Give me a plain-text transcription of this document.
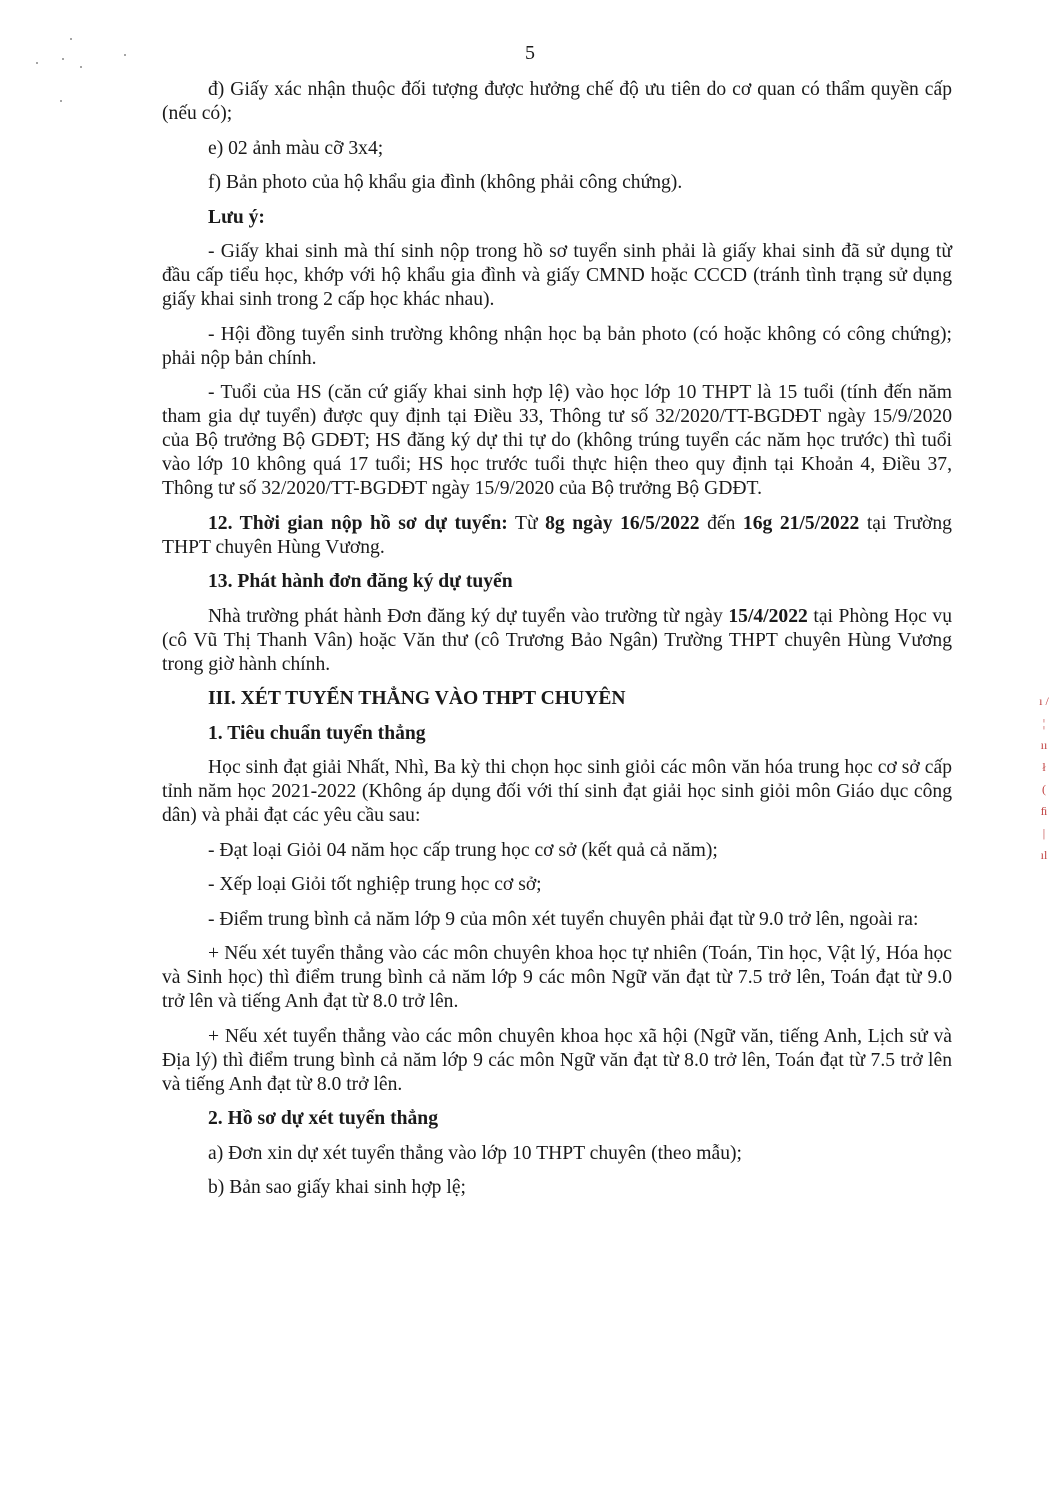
ı /
¦
ıı
ł
(
ﬁ
|
ıl
5

đ) Giấy xác nhận thuộc đối tượng được hưởng chế độ ưu tiên do cơ quan có thẩm quyền cấp (nếu có);

e) 02 ảnh màu cỡ 3x4;

f) Bản photo của hộ khẩu gia đình (không phải công chứng).

Lưu ý:

- Giấy khai sinh mà thí sinh nộp trong hồ sơ tuyển sinh phải là giấy khai sinh đã sử dụng từ đầu cấp tiểu học, khớp với hộ khẩu gia đình và giấy CMND hoặc CCCD (tránh tình trạng sử dụng giấy khai sinh trong 2 cấp học khác nhau).

- Hội đồng tuyển sinh trường không nhận học bạ bản photo (có hoặc không có công chứng); phải nộp bản chính.

- Tuổi của HS (căn cứ giấy khai sinh hợp lệ) vào học lớp 10 THPT là 15 tuổi (tính đến năm tham gia dự tuyển) được quy định tại Điều 33, Thông tư số 32/2020/TT-BGDĐT ngày 15/9/2020 của Bộ trưởng Bộ GDĐT; HS đăng ký dự thi tự do (không trúng tuyển các năm học trước) thì tuổi vào lớp 10 không quá 17 tuổi; HS học trước tuổi thực hiện theo quy định tại Khoản 4, Điều 37, Thông tư số 32/2020/TT-BGDĐT ngày 15/9/2020 của Bộ trưởng Bộ GDĐT.

12. Thời gian nộp hồ sơ dự tuyển: Từ 8g ngày 16/5/2022 đến 16g 21/5/2022 tại Trường THPT chuyên Hùng Vương.

13. Phát hành đơn đăng ký dự tuyển

Nhà trường phát hành Đơn đăng ký dự tuyển vào trường từ ngày 15/4/2022 tại Phòng Học vụ (cô Vũ Thị Thanh Vân) hoặc Văn thư (cô Trương Bảo Ngân) Trường THPT chuyên Hùng Vương trong giờ hành chính.

III. XÉT TUYỂN THẲNG VÀO THPT CHUYÊN

1. Tiêu chuẩn tuyển thẳng

Học sinh đạt giải Nhất, Nhì, Ba kỳ thi chọn học sinh giỏi các môn văn hóa trung học cơ sở cấp tỉnh năm học 2021-2022 (Không áp dụng đối với thí sinh đạt giải học sinh giỏi môn Giáo dục công dân) và phải đạt các yêu cầu sau:

- Đạt loại Giỏi 04 năm học cấp trung học cơ sở (kết quả cả năm);

- Xếp loại Giỏi tốt nghiệp trung học cơ sở;

- Điểm trung bình cả năm lớp 9 của môn xét tuyển chuyên phải đạt từ 9.0 trở lên, ngoài ra:

+ Nếu xét tuyển thẳng vào các môn chuyên khoa học tự nhiên (Toán, Tin học, Vật lý, Hóa học và Sinh học) thì điểm trung bình cả năm lớp 9 các môn Ngữ văn đạt từ 7.5 trở lên, Toán đạt từ 9.0 trở lên và tiếng Anh đạt từ 8.0 trở lên.

+ Nếu xét tuyển thẳng vào các môn chuyên khoa học xã hội (Ngữ văn, tiếng Anh, Lịch sử và Địa lý) thì điểm trung bình cả năm lớp 9 các môn Ngữ văn đạt từ 8.0 trở lên, Toán đạt từ 7.5 trở lên và tiếng Anh đạt từ 8.0 trở lên.

2. Hồ sơ dự xét tuyển thẳng

a) Đơn xin dự xét tuyển thẳng vào lớp 10 THPT chuyên (theo mẫu);

b) Bản sao giấy khai sinh hợp lệ;
